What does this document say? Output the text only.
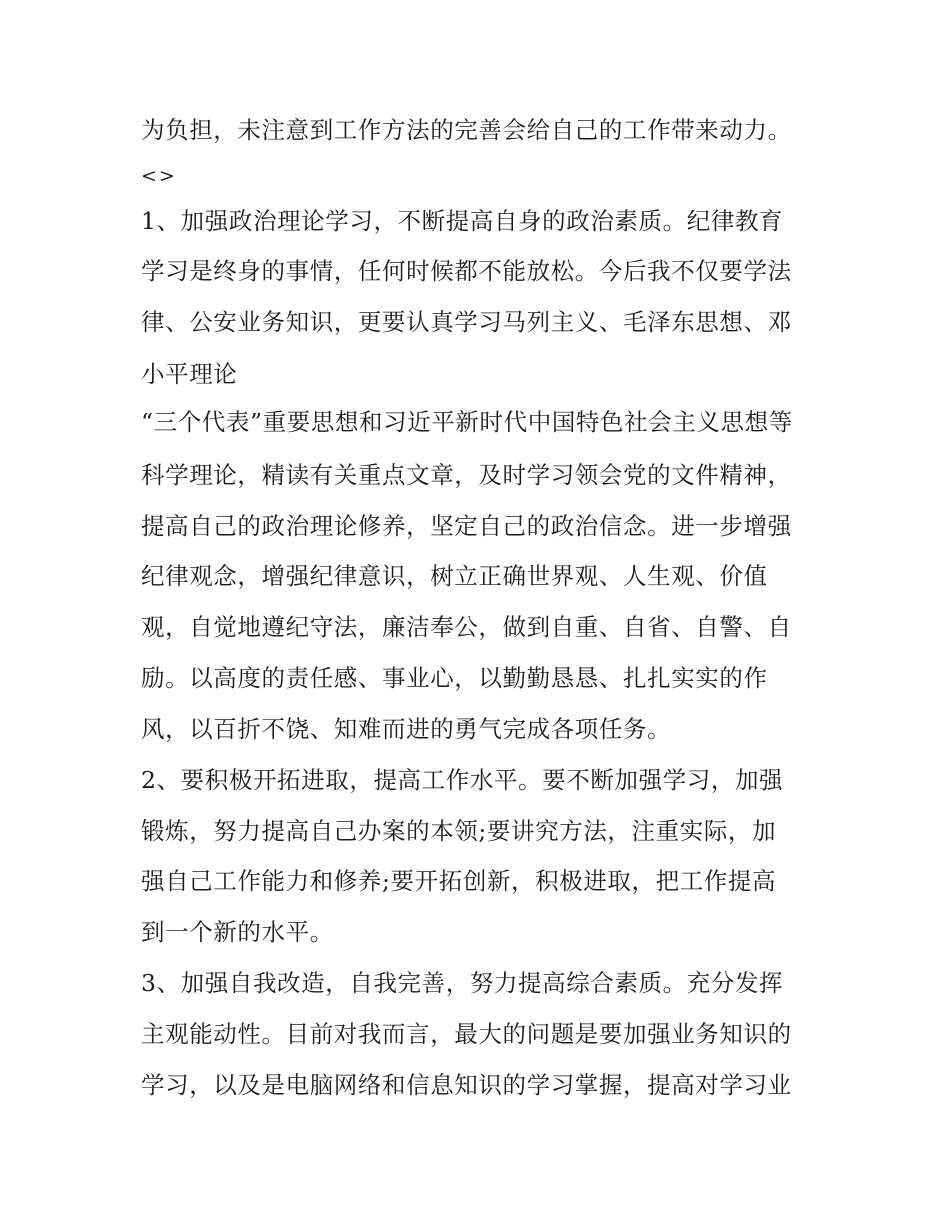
为负担，未注意到工作方法的完善会给自己的工作带来动力。
<>
1、加强政治理论学习，不断提高自身的政治素质。纪律教育
学习是终身的事情，任何时候都不能放松。今后我不仅要学法
律、公安业务知识，更要认真学习马列主义、毛泽东思想、邓
小平理论
“三个代表”重要思想和习近平新时代中国特色社会主义思想等
科学理论，精读有关重点文章，及时学习领会党的文件精神，
提高自己的政治理论修养，坚定自己的政治信念。进一步增强
纪律观念，增强纪律意识，树立正确世界观、人生观、价值
观，自觉地遵纪守法，廉洁奉公，做到自重、自省、自警、自
励。以高度的责任感、事业心，以勤勤恳恳、扎扎实实的作
风，以百折不饶、知难而进的勇气完成各项任务。
2、要积极开拓进取，提高工作水平。要不断加强学习，加强
锻炼，努力提高自己办案的本领;要讲究方法，注重实际，加
强自己工作能力和修养;要开拓创新，积极进取，把工作提高
到一个新的水平。
3、加强自我改造，自我完善，努力提高综合素质。充分发挥
主观能动性。目前对我而言，最大的问题是要加强业务知识的
学习，以及是电脑网络和信息知识的学习掌握，提高对学习业
